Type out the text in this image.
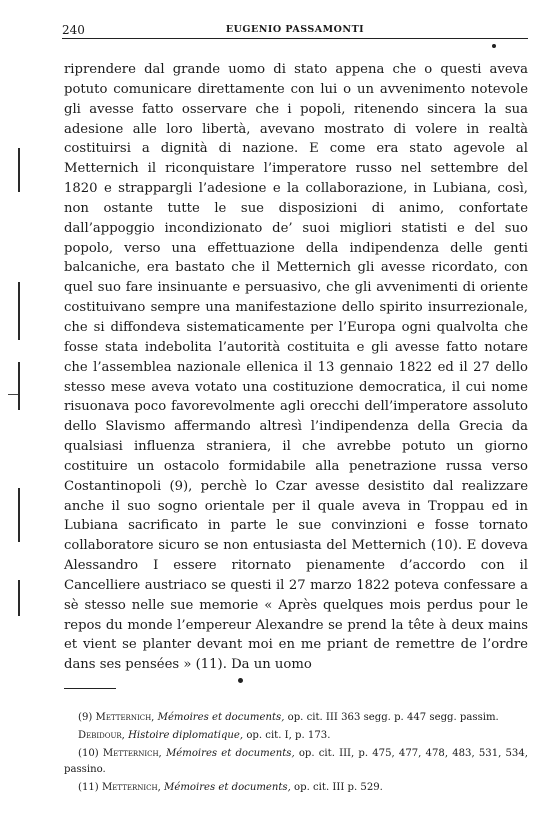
240	EUGENIO PASSAMONTI

riprendere dal grande uomo di stato appena che o questi aveva potuto comunicare direttamente con lui o un avvenimento notevole gli avesse fatto osservare che i popoli, ritenendo sincera la sua adesione alle loro libertà, avevano mostrato di volere in realtà costituirsi a dignità di nazione. E come era stato agevole al Metternich il riconquistare l’imperatore russo nel settembre del 1820 e strappargli l’adesione e la collaborazione, in Lubiana, così, non ostante tutte le sue disposizioni di animo, confortate dall’appoggio incondizionato de’ suoi migliori statisti e del suo popolo, verso una effettuazione della indipendenza delle genti balcaniche, era bastato che il Metternich gli avesse ricordato, con quel suo fare insinuante e persuasivo, che gli avvenimenti di oriente costituivano sempre una manifestazione dello spirito insurrezionale, che si diffondeva sistematicamente per l’Europa ogni qualvolta che fosse stata indebolita l’autorità costituita e gli avesse fatto notare che l’assemblea nazionale ellenica il 13 gennaio 1822 ed il 27 dello stesso mese aveva votato una costituzione democratica, il cui nome risuonava poco favorevolmente agli orecchi dell’imperatore assoluto dello Slavismo affermando altresì l’indipendenza della Grecia da qualsiasi influenza straniera, il che avrebbe potuto un giorno costituire un ostacolo formidabile alla penetrazione russa verso Costantinopoli (9), perchè lo Czar avesse desistito dal realizzare anche il suo sogno orientale per il quale aveva in Troppau ed in Lubiana sacrificato in parte le sue convinzioni e fosse tornato collaboratore sicuro se non entusiasta del Metternich (10). E doveva Alessandro I essere ritornato pienamente d’accordo con il Cancelliere austriaco se questi il 27 marzo 1822 poteva confessare a sè stesso nelle sue memorie « Après quelques mois perdus pour le repos du monde l’empereur Alexandre se prend la tête à deux mains et vient se planter devant moi en me priant de remettre de l’ordre dans ses pensées » (11). Da un uomo

(9) Metternich, Mémoires et documents, op. cit. III 363 segg. p. 447 segg. passim.
Debidour, Histoire diplomatique, op. cit. I, p. 173.
(10) Metternich, Mémoires et documents, op. cit. III, p. 475, 477, 478, 483, 531, 534, passino.
(11) Metternich, Mémoires et documents, op. cit. III p. 529.
